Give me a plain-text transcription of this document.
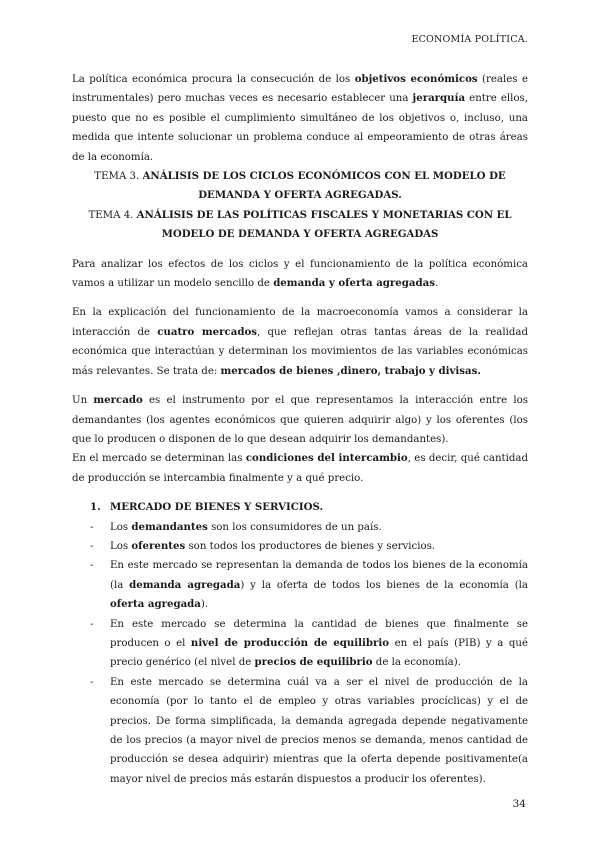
ECONOMÍA POLÍTICA.

La política económica procura la consecución de los objetivos económicos (reales e instrumentales) pero muchas veces es necesario establecer una jerarquía entre ellos, puesto que no es posible el cumplimiento simultáneo de los objetivos o, incluso, una medida que intente solucionar un problema conduce al empeoramiento de otras áreas de la economía.

TEMA 3. ANÁLISIS DE LOS CICLOS ECONÓMICOS CON EL MODELO DE DEMANDA Y OFERTA AGREGADAS.

TEMA 4. ANÁLISIS DE LAS POLÍTICAS FISCALES Y MONETARIAS CON EL MODELO DE DEMANDA Y OFERTA AGREGADAS

Para analizar los efectos de los ciclos y el funcionamiento de la política económica vamos a utilizar un modelo sencillo de demanda y oferta agregadas.

En la explicación del funcionamiento de la macroeconomía vamos a considerar la interacción de cuatro mercados, que reflejan otras tantas áreas de la realidad económica que interactúan y determinan los movimientos de las variables económicas más relevantes. Se trata de: mercados de bienes ,dinero, trabajo y divisas.

Un mercado es el instrumento por el que representamos la interacción entre los demandantes (los agentes económicos que quieren adquirir algo) y los oferentes (los que lo producen o disponen de lo que desean adquirir los demandantes).

En el mercado se determinan las condiciones del intercambio, es decir, qué cantidad de producción se intercambia finalmente y a qué precio.

1. MERCADO DE BIENES Y SERVICIOS.
- Los demandantes son los consumidores de un país.
- Los oferentes son todos los productores de bienes y servicios.
- En este mercado se representan la demanda de todos los bienes de la economía (la demanda agregada) y la oferta de todos los bienes de la economía (la oferta agregada).
- En este mercado se determina la cantidad de bienes que finalmente se producen o el nivel de producción de equilibrio en el país (PIB) y a qué precio genérico (el nivel de precios de equilibrio de la economía).
- En este mercado se determina cuál va a ser el nivel de producción de la economía (por lo tanto el de empleo y otras variables procíclicas) y el de precios. De forma simplificada, la demanda agregada depende negativamente de los precios (a mayor nivel de precios menos se demanda, menos cantidad de producción se desea adquirir) mientras que la oferta depende positivamente(a mayor nivel de precios más estarán dispuestos a producir los oferentes).
34
